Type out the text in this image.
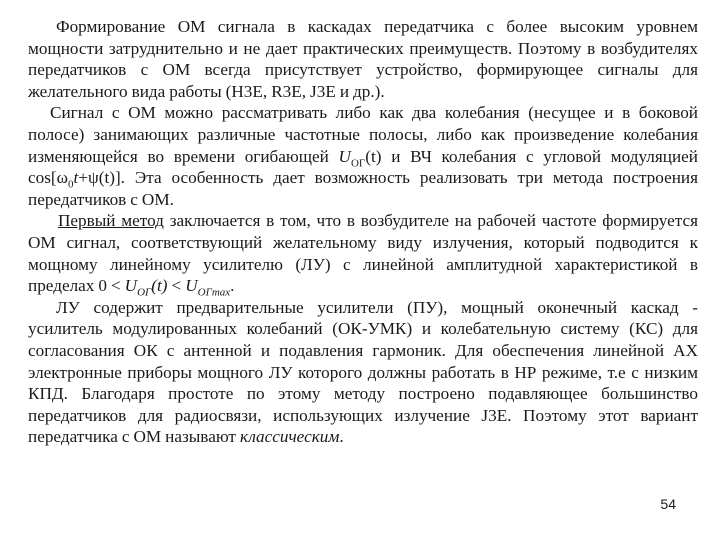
Формирование ОМ сигнала в каскадах передатчика с более высоким уровнем мощности затруднительно и не дает практических преимуществ. Поэтому в возбудителях передатчиков с ОМ всегда присутствует устройство, формирующее сигналы для желательного вида работы (H3E, R3E, J3E и др.).

Сигнал с ОМ можно рассматривать либо как два колебания (несущее и в боковой полосе) занимающих различные частотные полосы, либо как произведение колебания изменяющейся во времени огибающей $U_{ОГ}(t)$ и ВЧ колебания с угловой модуляцией $\cos[\omega_0t+\psi(t)]$. Эта особенность дает возможность реализовать три метода построения передатчиков с ОМ.

Первый метод заключается в том, что в возбудителе на рабочей частоте формируется ОМ сигнал, соответствующий желательному виду излучения, который подводится к мощному линейному усилителю (ЛУ) с линейной амплитудной характеристикой в пределах $0 < U_{ОГ}(t) < U_{ОГmax}$.

ЛУ содержит предварительные усилители (ПУ), мощный оконечный каскад - усилитель модулированных колебаний (ОК-УМК) и колебательную систему (КС) для согласования ОК с антенной и подавления гармоник. Для обеспечения линейной АХ электронные приборы мощного ЛУ которого должны работать в НР режиме, т.е с низким КПД. Благодаря простоте по этому методу построено подавляющее большинство передатчиков для радиосвязи, использующих излучение J3E. Поэтому этот вариант передатчика с ОМ называют классическим.

54
